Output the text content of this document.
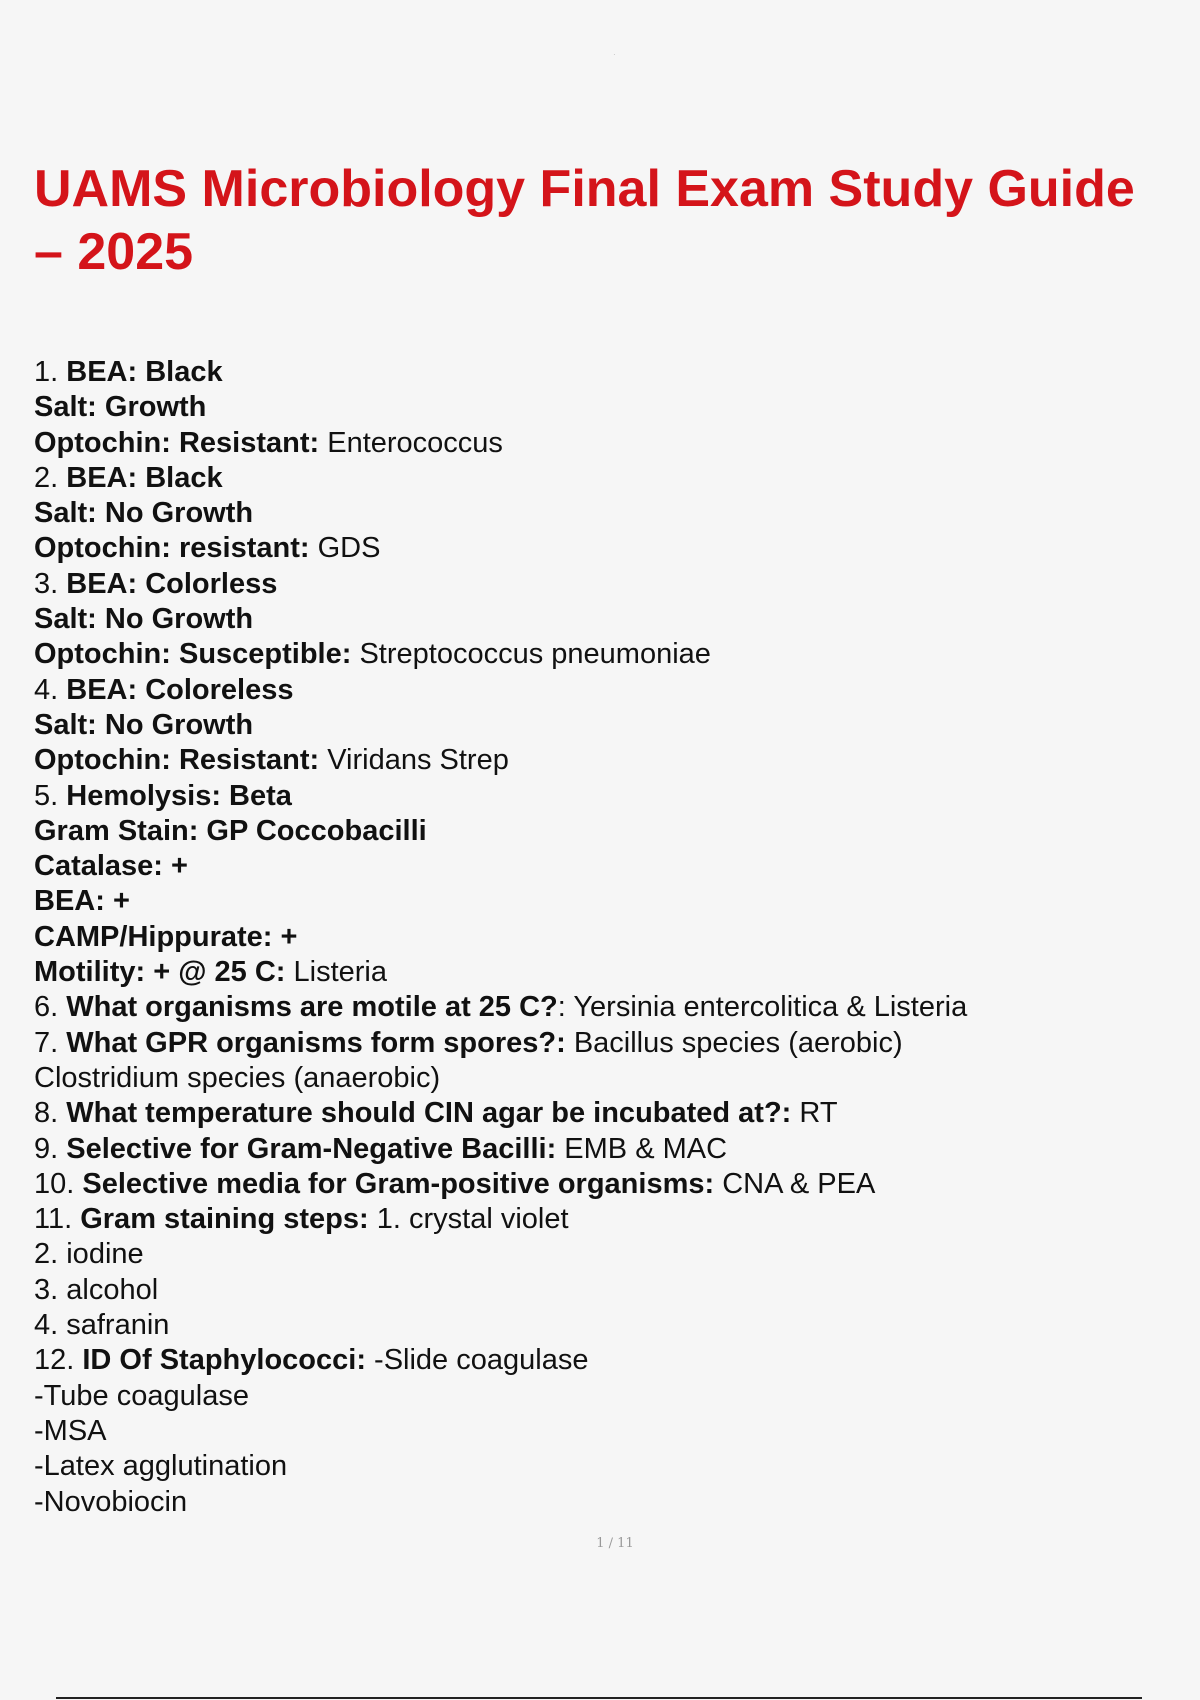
·
UAMS Microbiology Final Exam Study Guide
– 2025
1. BEA: Black
Salt: Growth
Optochin: Resistant: Enterococcus
2. BEA: Black
Salt: No Growth
Optochin: resistant: GDS
3. BEA: Colorless
Salt: No Growth
Optochin: Susceptible: Streptococcus pneumoniae
4. BEA: Coloreless
Salt: No Growth
Optochin: Resistant: Viridans Strep
5. Hemolysis: Beta
Gram Stain: GP Coccobacilli
Catalase: +
BEA: +
CAMP/Hippurate: +
Motility: + @ 25 C: Listeria
6. What organisms are motile at 25 C?: Yersinia entercolitica & Listeria
7. What GPR organisms form spores?: Bacillus species (aerobic)
Clostridium species (anaerobic)
8. What temperature should CIN agar be incubated at?: RT
9. Selective for Gram-Negative Bacilli: EMB & MAC
10. Selective media for Gram-positive organisms: CNA & PEA
11. Gram staining steps: 1. crystal violet
2. iodine
3. alcohol
4. safranin
12. ID Of Staphylococci: -Slide coagulase
-Tube coagulase
-MSA
-Latex agglutination
-Novobiocin
1 / 11
